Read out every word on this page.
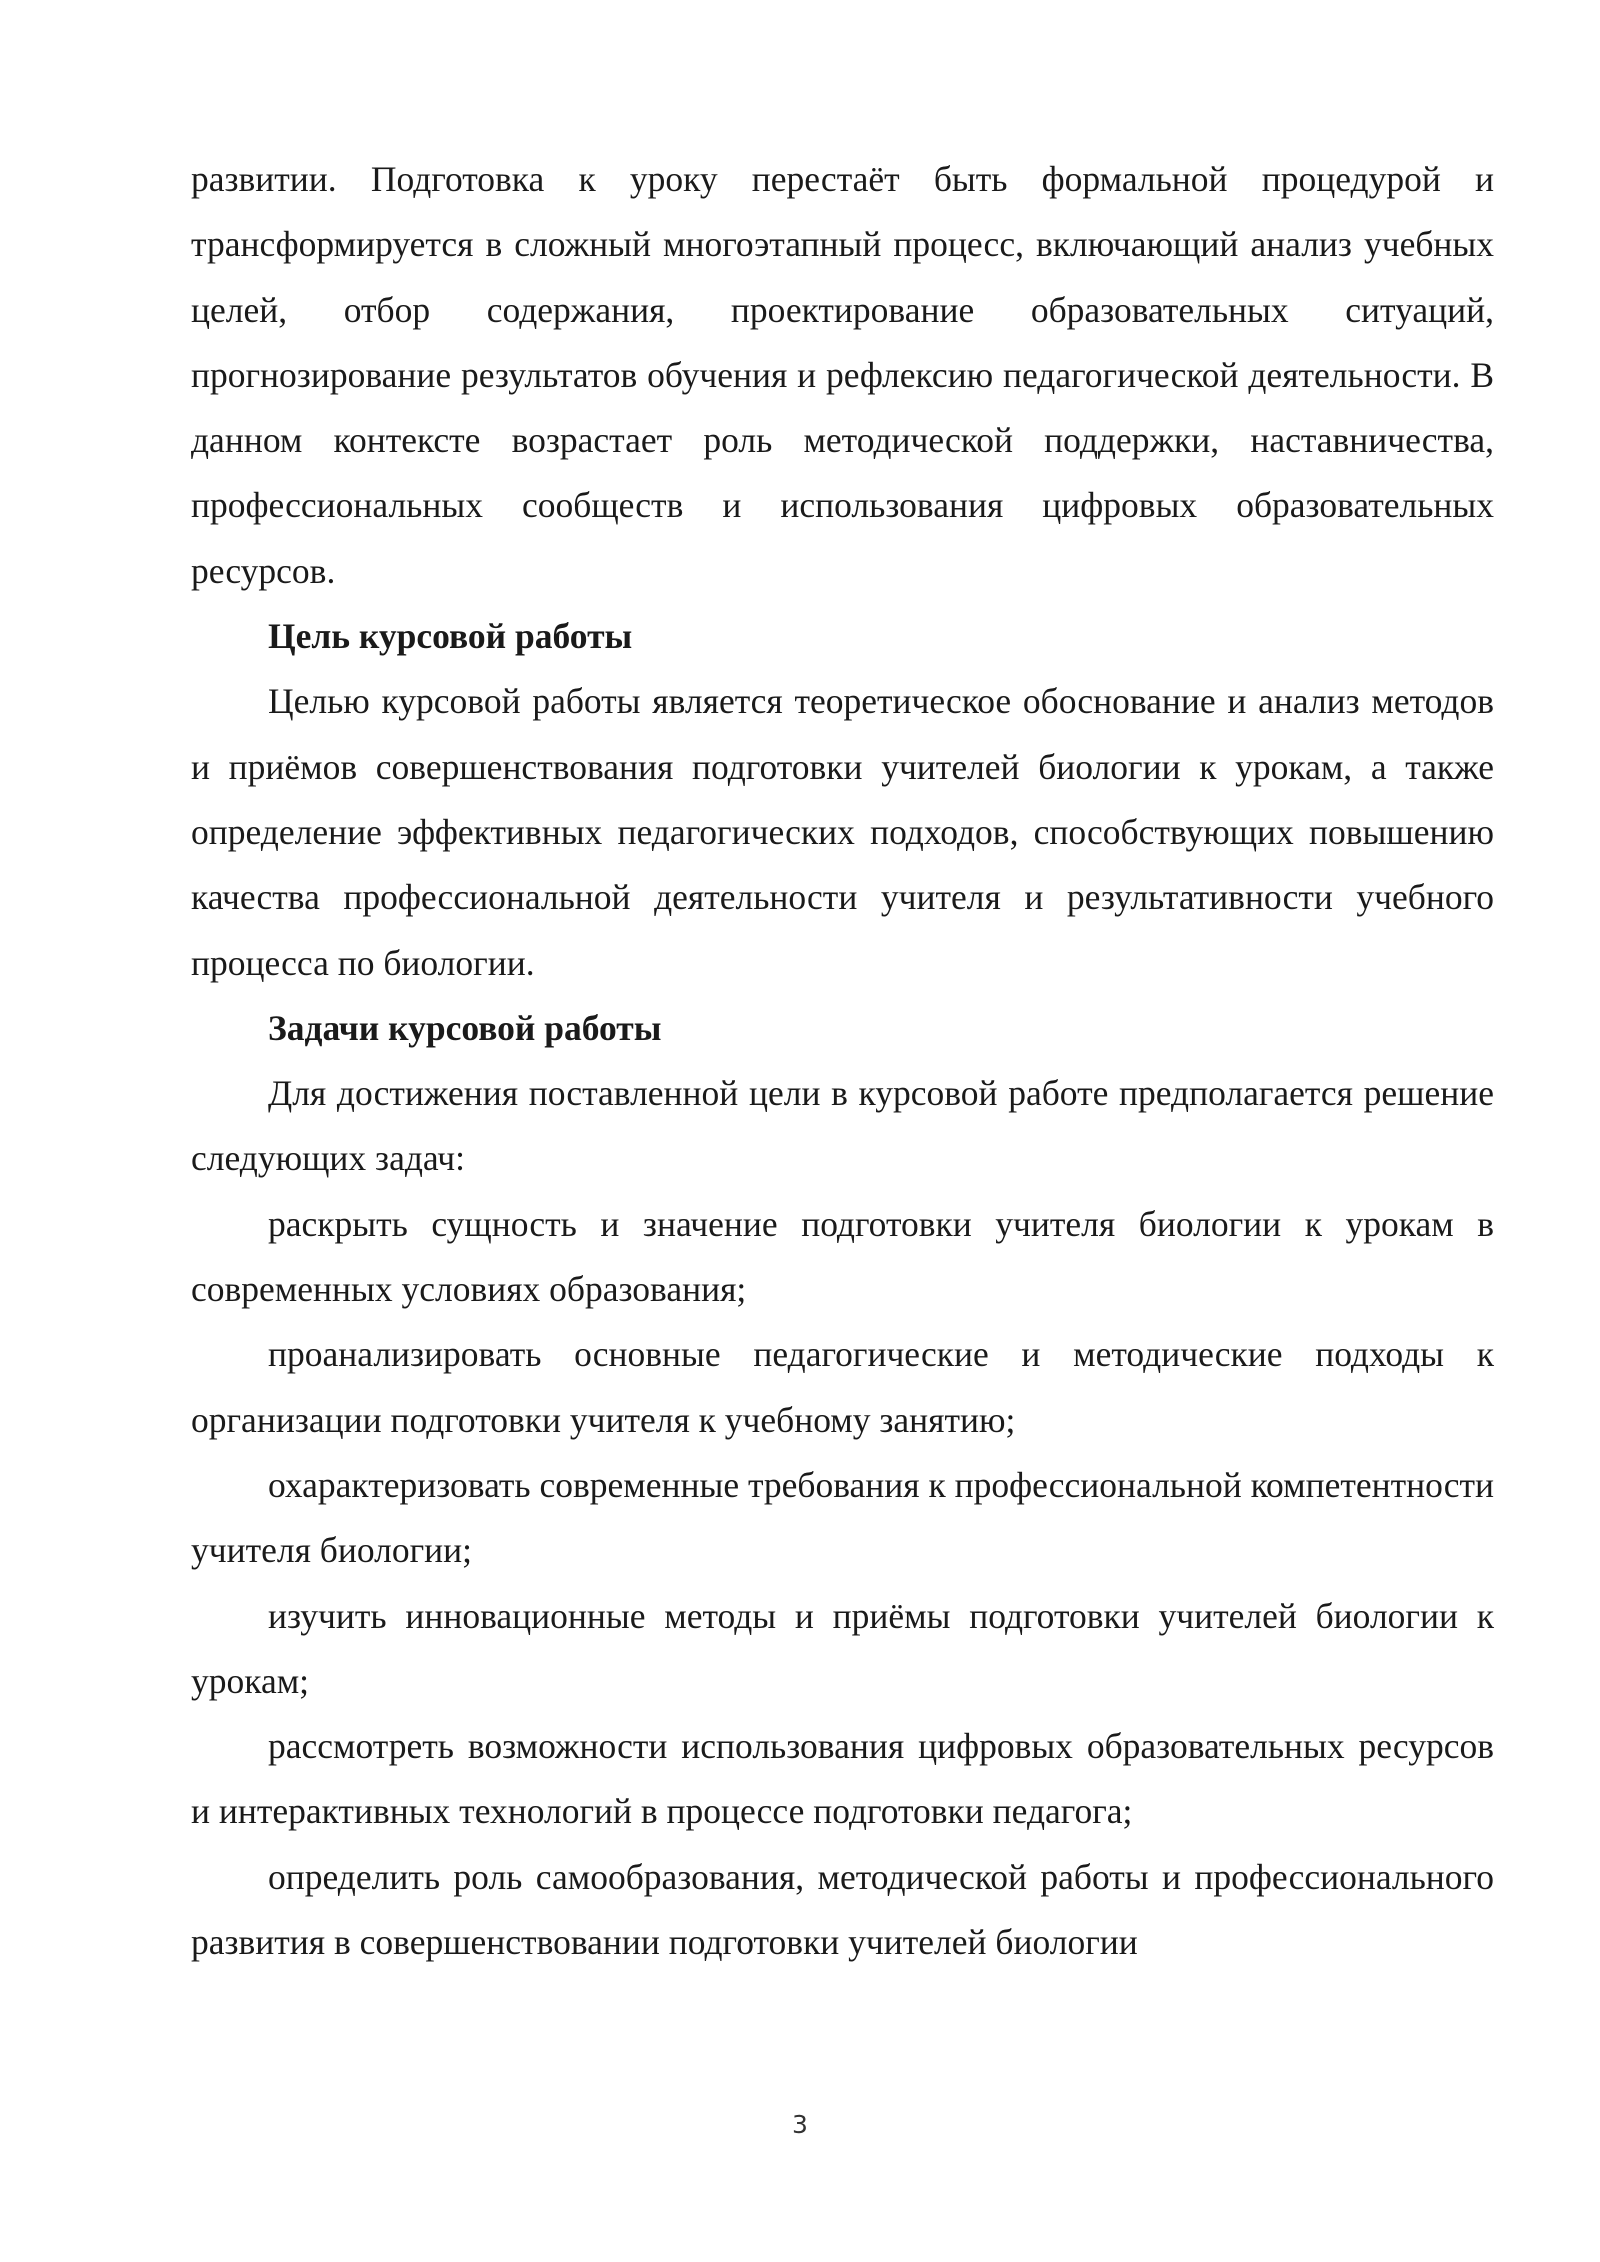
развитии. Подготовка к уроку перестаёт быть формальной процедурой и трансформируется в сложный многоэтапный процесс, включающий анализ учебных целей, отбор содержания, проектирование образовательных ситуаций, прогнозирование результатов обучения и рефлексию педагогической деятельности. В данном контексте возрастает роль методической поддержки, наставничества, профессиональных сообществ и использования цифровых образовательных ресурсов.

Цель курсовой работы

Целью курсовой работы является теоретическое обоснование и анализ методов и приёмов совершенствования подготовки учителей биологии к урокам, а также определение эффективных педагогических подходов, способствующих повышению качества профессиональной деятельности учителя и результативности учебного процесса по биологии.

Задачи курсовой работы

Для достижения поставленной цели в курсовой работе предполагается решение следующих задач:

раскрыть сущность и значение подготовки учителя биологии к урокам в современных условиях образования;

проанализировать основные педагогические и методические подходы к организации подготовки учителя к учебному занятию;

охарактеризовать современные требования к профессиональной компетентности учителя биологии;

изучить инновационные методы и приёмы подготовки учителей биологии к урокам;

рассмотреть возможности использования цифровых образовательных ресурсов и интерактивных технологий в процессе подготовки педагога;

определить роль самообразования, методической работы и профессионального развития в совершенствовании подготовки учителей биологии

3
